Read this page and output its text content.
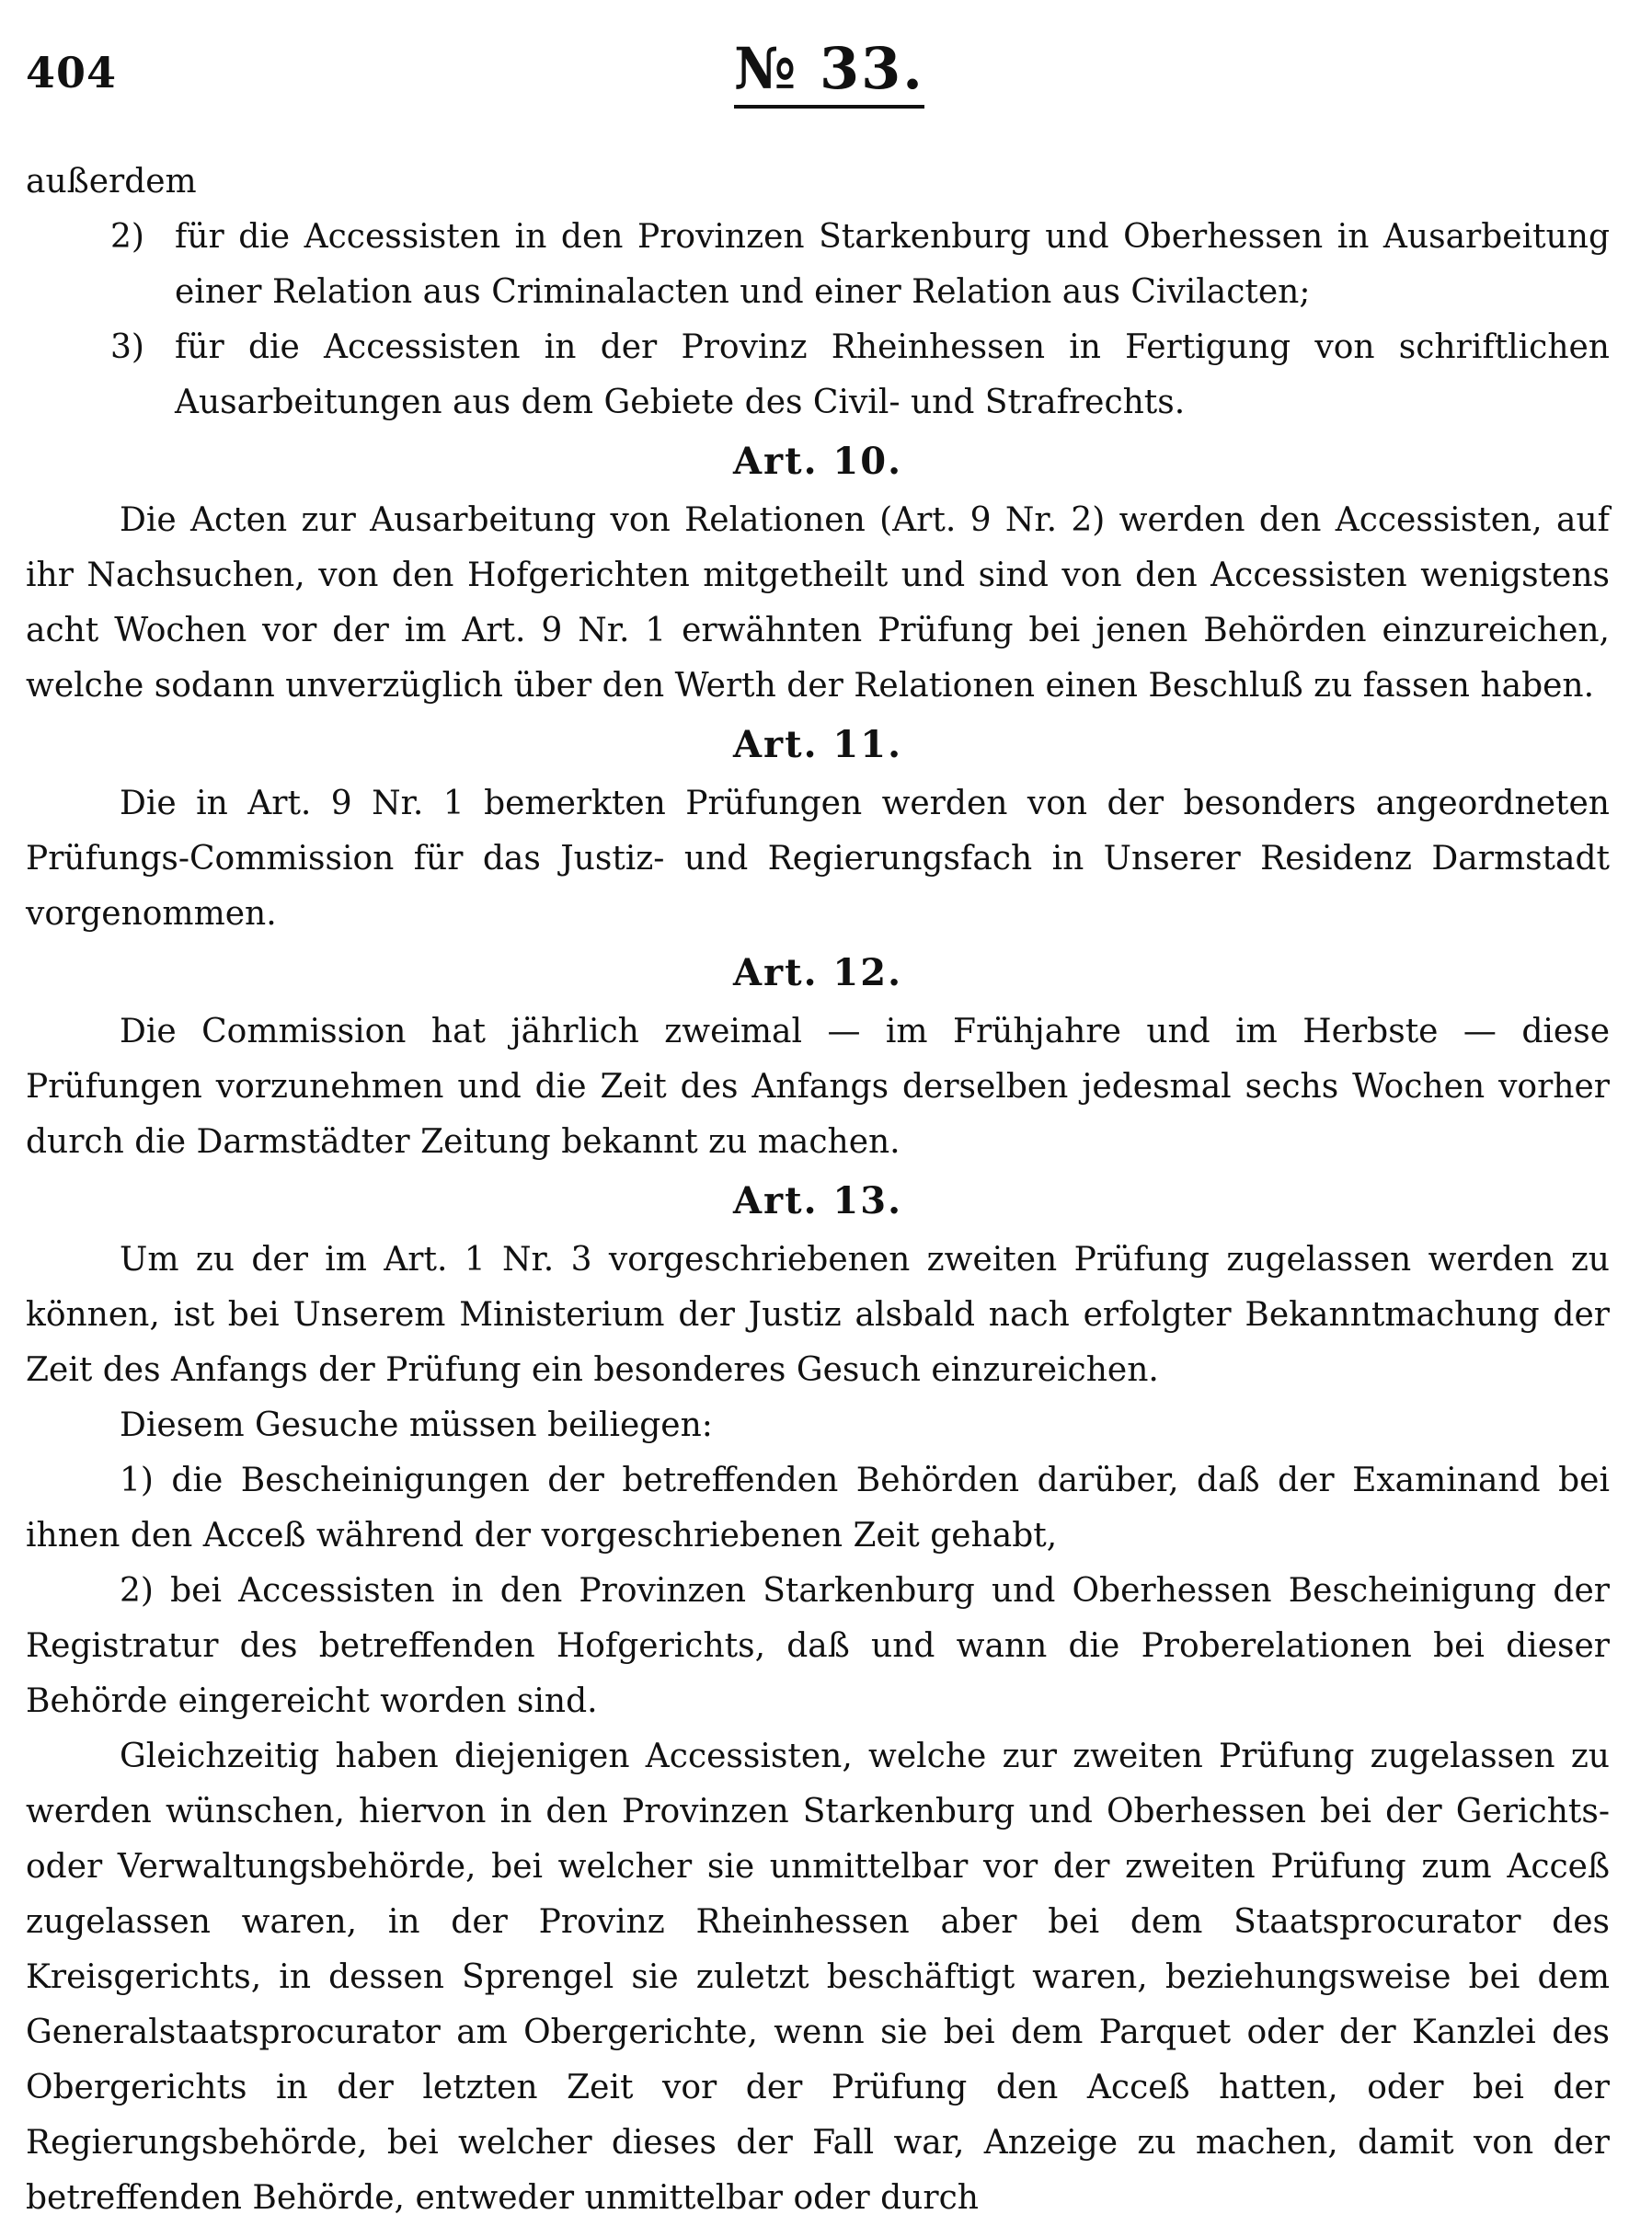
404	№ 33.

außerdem

2) für die Accessisten in den Provinzen Starkenburg und Oberhessen in Ausarbeitung einer Relation aus Criminalacten und einer Relation aus Civilacten;

3) für die Accessisten in der Provinz Rheinhessen in Fertigung von schriftlichen Ausarbeitungen aus dem Gebiete des Civil- und Strafrechts.

Art. 10.

Die Acten zur Ausarbeitung von Relationen (Art. 9 Nr. 2) werden den Accessisten, auf ihr Nachsuchen, von den Hofgerichten mitgetheilt und sind von den Accessisten wenigstens acht Wochen vor der im Art. 9 Nr. 1 erwähnten Prüfung bei jenen Behörden einzureichen, welche sodann unverzüglich über den Werth der Relationen einen Beschluß zu fassen haben.

Art. 11.

Die in Art. 9 Nr. 1 bemerkten Prüfungen werden von der besonders angeordneten Prüfungs-Commission für das Justiz- und Regierungsfach in Unserer Residenz Darmstadt vorgenommen.

Art. 12.

Die Commission hat jährlich zweimal — im Frühjahre und im Herbste — diese Prüfungen vorzunehmen und die Zeit des Anfangs derselben jedesmal sechs Wochen vorher durch die Darmstädter Zeitung bekannt zu machen.

Art. 13.

Um zu der im Art. 1 Nr. 3 vorgeschriebenen zweiten Prüfung zugelassen werden zu können, ist bei Unserem Ministerium der Justiz alsbald nach erfolgter Bekanntmachung der Zeit des Anfangs der Prüfung ein besonderes Gesuch einzureichen.

Diesem Gesuche müssen beiliegen:

1) die Bescheinigungen der betreffenden Behörden darüber, daß der Examinand bei ihnen den Acceß während der vorgeschriebenen Zeit gehabt,

2) bei Accessisten in den Provinzen Starkenburg und Oberhessen Bescheinigung der Registratur des betreffenden Hofgerichts, daß und wann die Proberelationen bei dieser Behörde eingereicht worden sind.

Gleichzeitig haben diejenigen Accessisten, welche zur zweiten Prüfung zugelassen zu werden wünschen, hiervon in den Provinzen Starkenburg und Oberhessen bei der Gerichts- oder Verwaltungsbehörde, bei welcher sie unmittelbar vor der zweiten Prüfung zum Acceß zugelassen waren, in der Provinz Rheinhessen aber bei dem Staatsprocurator des Kreisgerichts, in dessen Sprengel sie zuletzt beschäftigt waren, beziehungsweise bei dem Generalstaatsprocurator am Obergerichte, wenn sie bei dem Parquet oder der Kanzlei des Obergerichts in der letzten Zeit vor der Prüfung den Acceß hatten, oder bei der Regierungsbehörde, bei welcher dieses der Fall war, Anzeige zu machen, damit von der betreffenden Behörde, entweder unmittelbar oder durch
